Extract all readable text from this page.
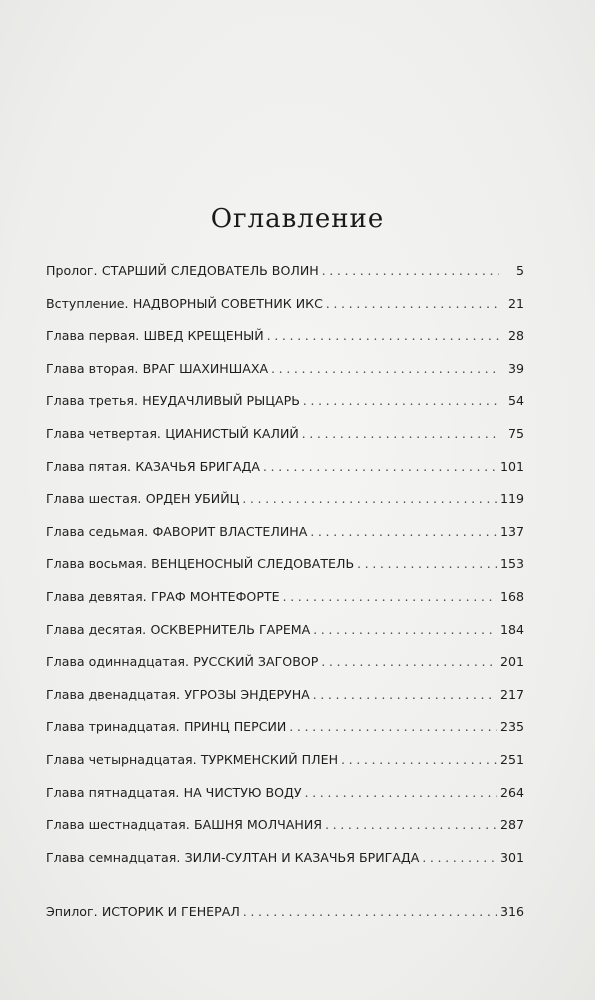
Оглавление
Пролог. СТАРШИЙ СЛЕДОВАТЕЛЬ ВОЛИН . . .	5
Вступление. НАДВОРНЫЙ СОВЕТНИК ИКС . . .	21
Глава первая. ШВЕД КРЕЩЕНЫЙ . . .	28
Глава вторая. ВРАГ ШАХИНШАХА . . .	39
Глава третья. НЕУДАЧЛИВЫЙ РЫЦАРЬ . . .	54
Глава четвертая. ЦИАНИСТЫЙ КАЛИЙ . . .	75
Глава пятая. КАЗАЧЬЯ БРИГАДА . . .	101
Глава шестая. ОРДЕН УБИЙЦ . . .	119
Глава седьмая. ФАВОРИТ ВЛАСТЕЛИНА . . .	137
Глава восьмая. ВЕНЦЕНОСНЫЙ СЛЕДОВАТЕЛЬ . . .	153
Глава девятая. ГРАФ МОНТЕФОРТЕ . . .	168
Глава десятая. ОСКВЕРНИТЕЛЬ ГАРЕМА . . .	184
Глава одиннадцатая. РУССКИЙ ЗАГОВОР . . .	201
Глава двенадцатая. УГРОЗЫ ЭНДЕРУНА . . .	217
Глава тринадцатая. ПРИНЦ ПЕРСИИ . . .	235
Глава четырнадцатая. ТУРКМЕНСКИЙ ПЛЕН . . .	251
Глава пятнадцатая. НА ЧИСТУЮ ВОДУ . . .	264
Глава шестнадцатая. БАШНЯ МОЛЧАНИЯ . . .	287
Глава семнадцатая. ЗИЛИ-СУЛТАН И КАЗАЧЬЯ БРИГАДА . . .	301
Эпилог. ИСТОРИК И ГЕНЕРАЛ . . .	316
